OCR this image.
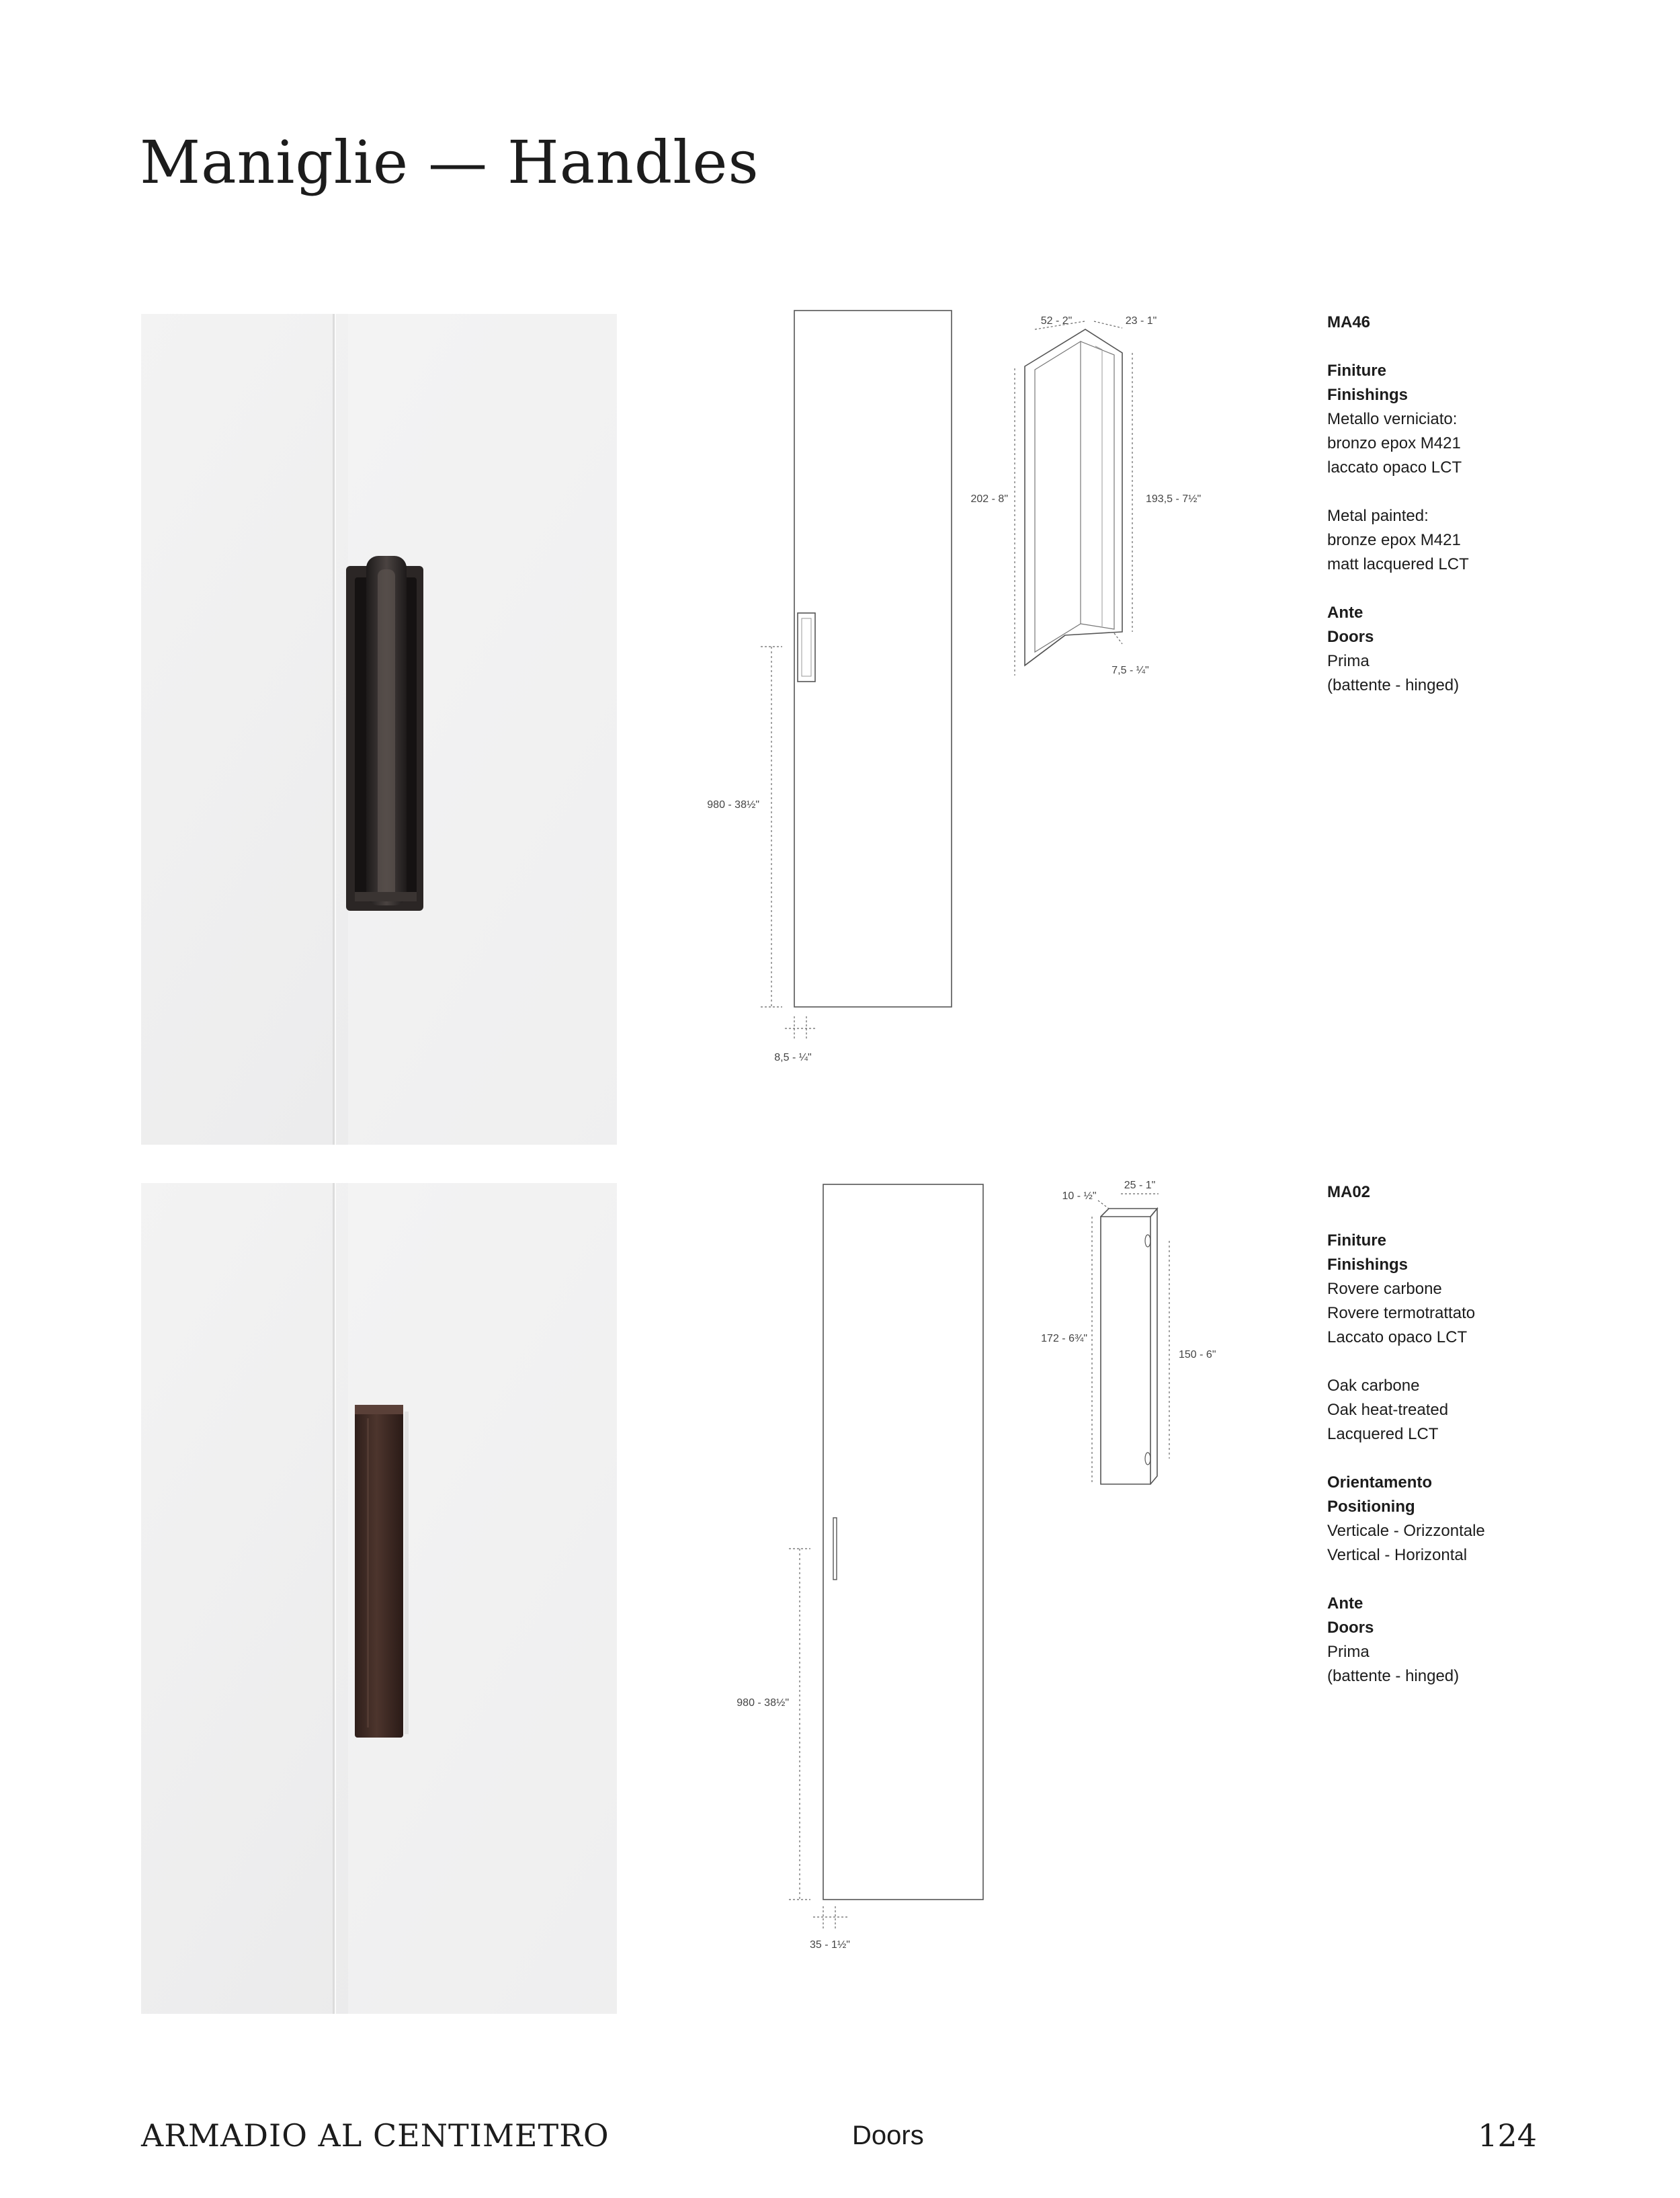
Maniglie — Handles
980 - 38½"
8,5 - ¼"
52 - 2"	23 - 1"
202 - 8"	193,5 - 7½"
7,5 - ¼"
MA46
Finiture
Finishings
Metallo verniciato:
bronzo epox M421
laccato opaco LCT
Metal painted:
bronze epox M421
matt lacquered LCT
Ante
Doors
Prima
(battente - hinged)
980 - 38½"
35 - 1½"
10 - ½"
25 - 1"
172 - 6¾"
150 - 6"
MA02
Finiture
Finishings
Rovere carbone
Rovere termotrattato
Laccato opaco LCT
Oak carbone
Oak heat-treated
Lacquered LCT
Orientamento
Positioning
Verticale - Orizzontale
Vertical - Horizontal
Ante
Doors
Prima
(battente - hinged)
ARMADIO AL CENTIMETRO	Doors	124
